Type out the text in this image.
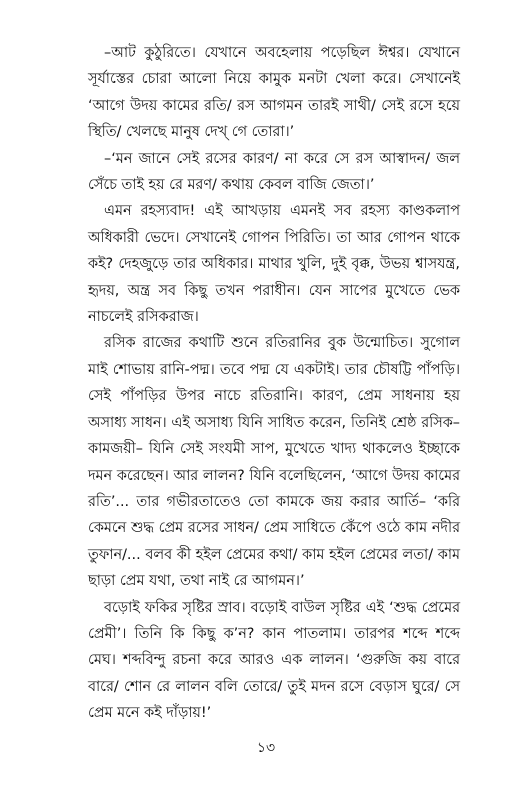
–আট কুঠুরিতে। যেখানে অবহেলায় পড়েছিল ঈশ্বর। যেখানে সূর্যাস্তের চোরা আলো নিয়ে কামুক মনটা খেলা করে। সেখানেই ‘আগে উদয় কামের রতি/ রস আগমন তারই সাথী/ সেই রসে হয়ে স্থিতি/ খেলছে মানুষ দেখ্‌ গে তোরা।’

–‘মন জানে সেই রসের কারণ/ না করে সে রস আস্বাদন/ জল সেঁচে তাই হয় রে মরণ/ কথায় কেবল বাজি জেতা।’

এমন রহস্যবাদ! এই আখড়ায় এমনই সব রহস্য কাণ্ডকলাপ অধিকারী ভেদে। সেখানেই গোপন পিরিতি। তা আর গোপন থাকে কই? দেহজুড়ে তার অধিকার। মাথার খুলি, দুই বৃক্ক, উভয় শ্বাসযন্ত্র, হৃদয়, অন্ত্র সব কিছু তখন পরাধীন। যেন সাপের মুখেতে ভেক নাচলেই রসিকরাজ।

রসিক রাজের কথাটি শুনে রতিরানির বুক উন্মোচিত। সুগোল মাই শোভায় রানি-পদ্ম। তবে পদ্ম যে একটাই। তার চৌষট্টি পাঁপড়ি। সেই পাঁপড়ির উপর নাচে রতিরানি। কারণ, প্রেম সাধনায় হয় অসাধ্য সাধন। এই অসাধ্য যিনি সাধিত করেন, তিনিই শ্রেষ্ঠ রসিক– কামজয়ী– যিনি সেই সংযমী সাপ, মুখেতে খাদ্য থাকলেও ইচ্ছাকে দমন করেছেন। আর লালন? যিনি বলেছিলেন, ‘আগে উদয় কামের রতি’... তার গভীরতাতেও তো কামকে জয় করার আর্তি– ‘করি কেমনে শুদ্ধ প্রেম রসের সাধন/ প্রেম সাধিতে কেঁপে ওঠে কাম নদীর তুফান/... বলব কী হইল প্রেমের কথা/ কাম হইল প্রেমের লতা/ কাম ছাড়া প্রেম যথা, তথা নাই রে আগমন।’

বড়োই ফকির সৃষ্টির স্রাব। বড়োই বাউল সৃষ্টির এই ‘শুদ্ধ প্রেমের প্রেমী’। তিনি কি কিছু ক’ন? কান পাতলাম। তারপর শব্দে শব্দে মেঘ। শব্দবিন্দু রচনা করে আরও এক লালন। ‘গুরুজি কয় বারে বারে/ শোন রে লালন বলি তোরে/ তুই মদন রসে বেড়াস ঘুরে/ সে প্রেম মনে কই দাঁড়ায়!’

১৩
